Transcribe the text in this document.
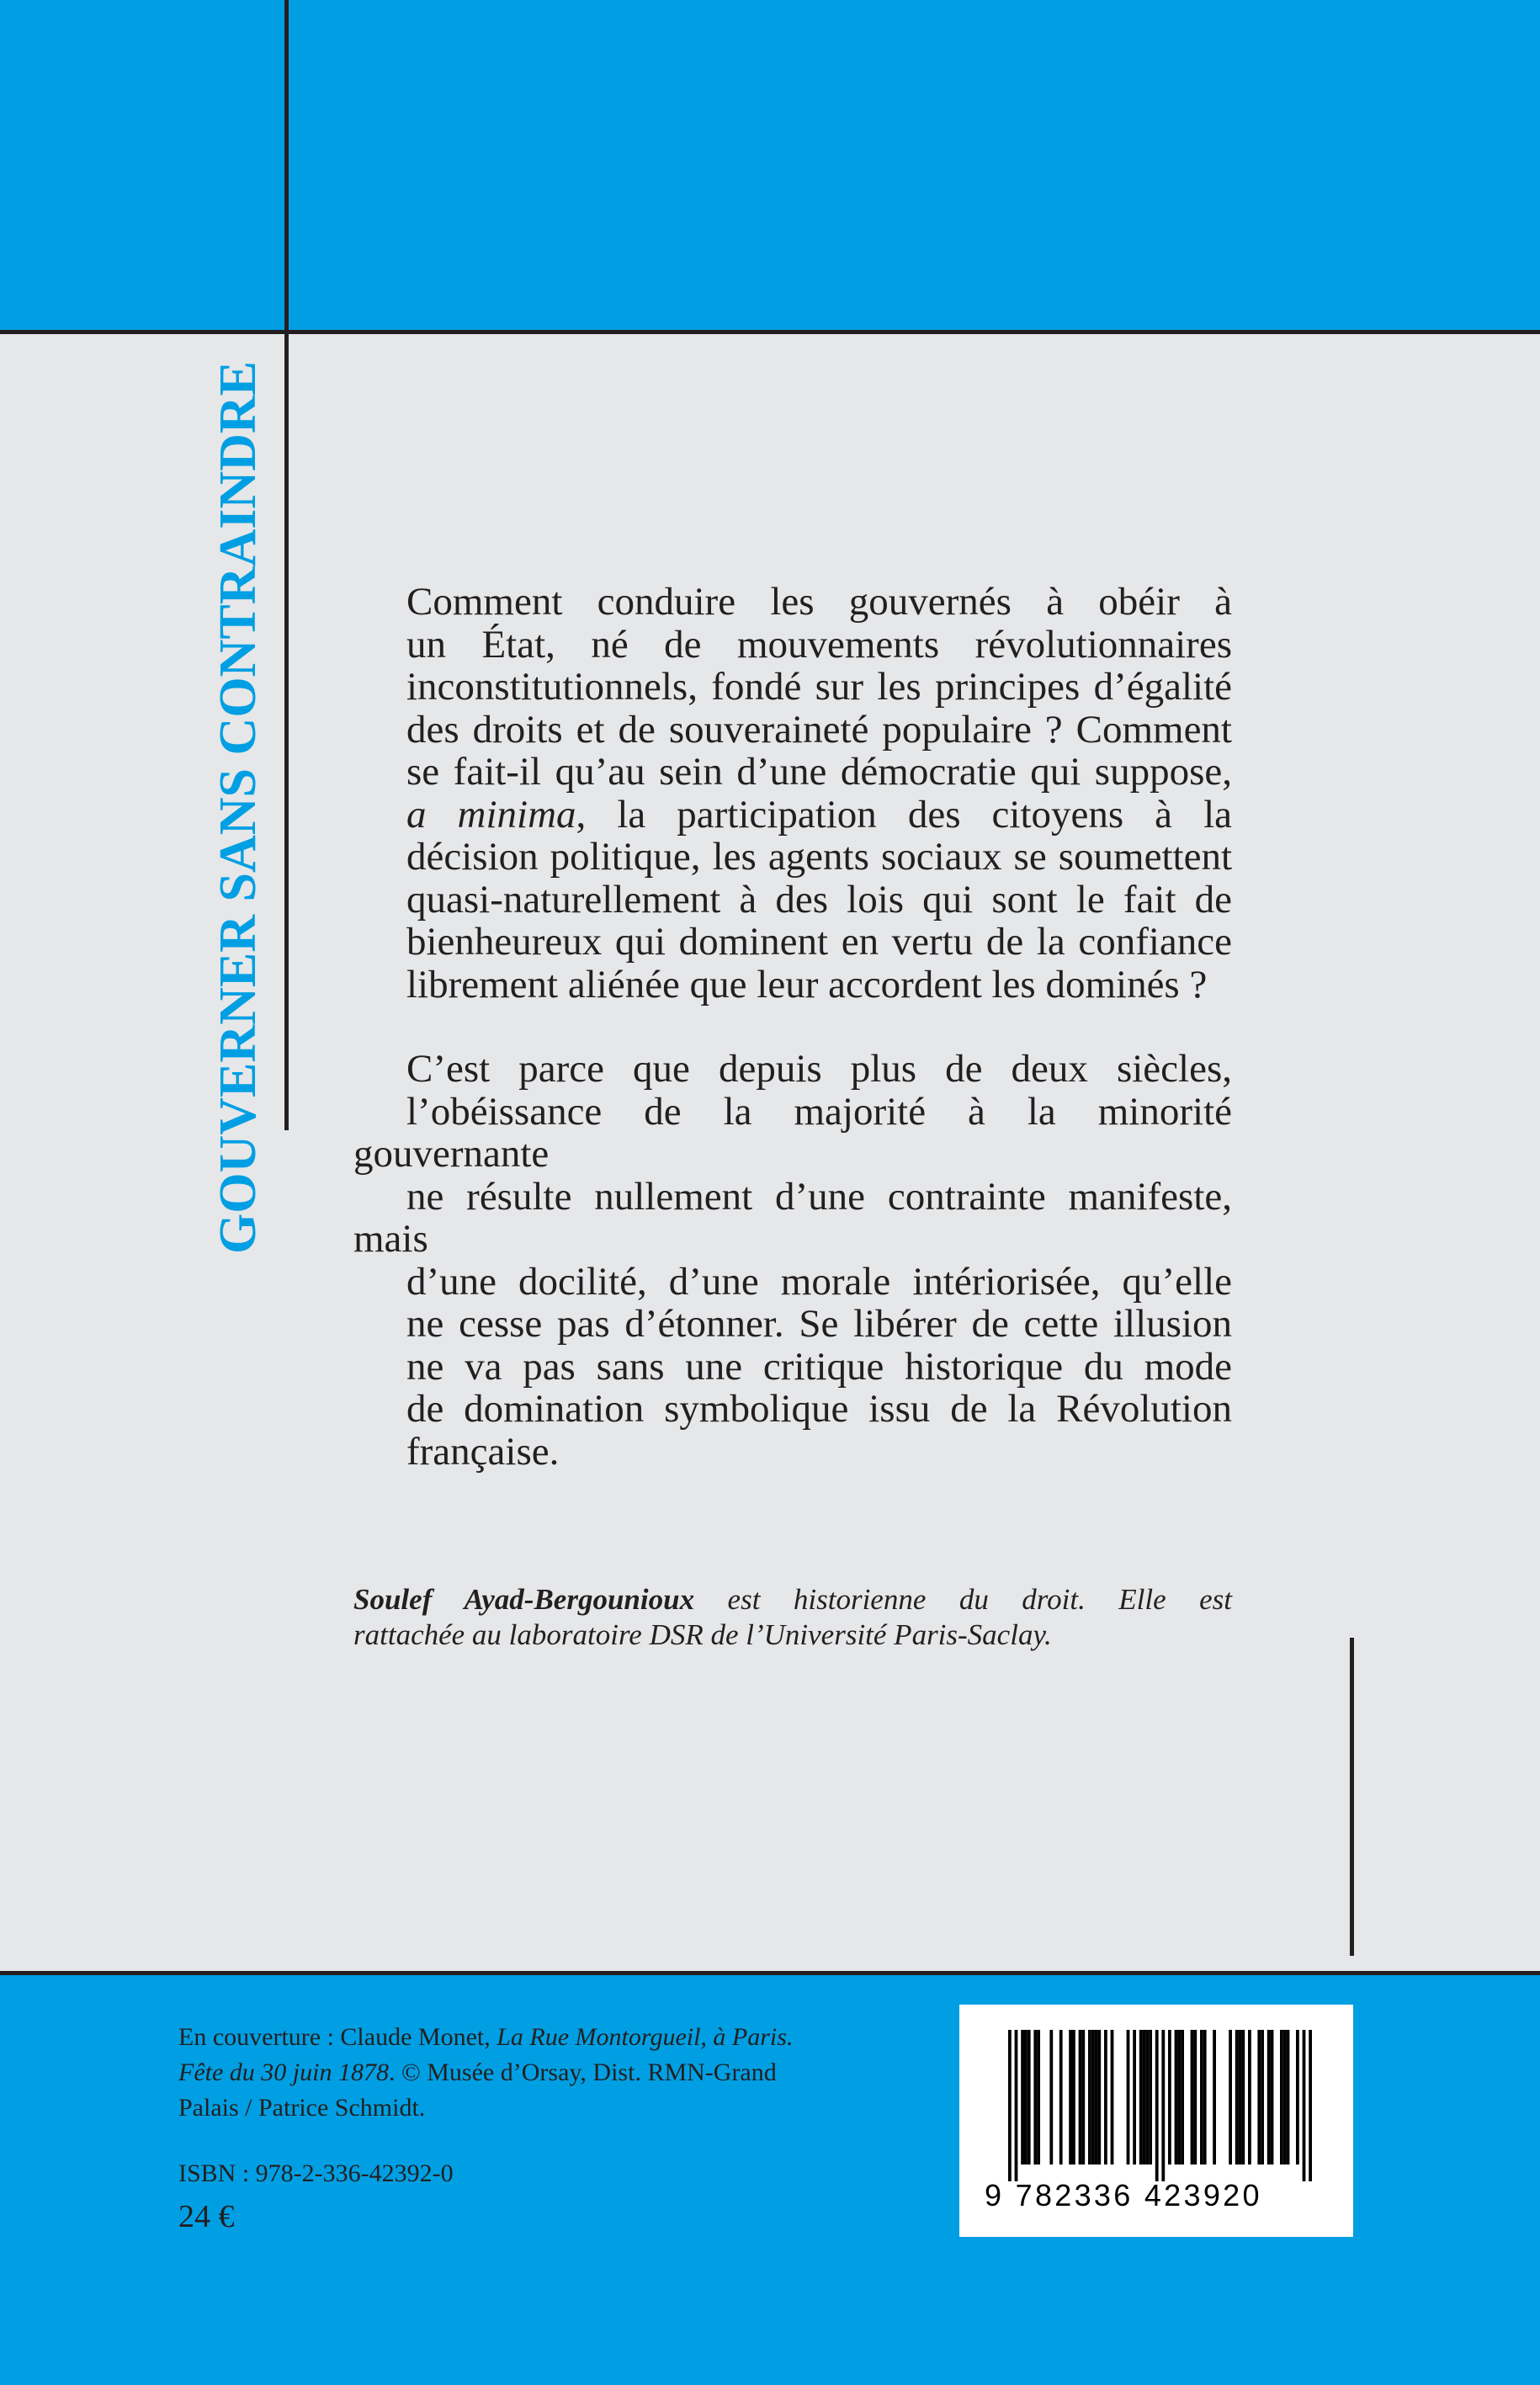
GOUVERNER SANS CONTRAINDRE	Comment conduire les gouvernés à obéir à
un État, né de mouvements révolutionnaires
inconstitutionnels, fondé sur les principes d’égalité
des droits et de souveraineté populaire ? Comment
se fait-il qu’au sein d’une démocratie qui suppose,
a minima, la participation des citoyens à la
décision politique, les agents sociaux se soumettent
quasi-naturellement à des lois qui sont le fait de
bienheureux qui dominent en vertu de la confiance
librement aliénée que leur accordent les dominés ?

C’est parce que depuis plus de deux siècles,
l’obéissance de la majorité à la minorité gouvernante
ne résulte nullement d’une contrainte manifeste, mais
d’une docilité, d’une morale intériorisée, qu’elle
ne cesse pas d’étonner. Se libérer de cette illusion
ne va pas sans une critique historique du mode
de domination symbolique issu de la Révolution
française.

Soulef Ayad-Bergounioux est historienne du droit. Elle est
rattachée au laboratoire DSR de l’Université Paris-Saclay.
En couverture : Claude Monet, La Rue Montorgueil, à Paris.
Fête du 30 juin 1878. © Musée d’Orsay, Dist. RMN-Grand
Palais / Patrice Schmidt.
ISBN : 978-2-336-42392-0
24 €
9 782336 423920
